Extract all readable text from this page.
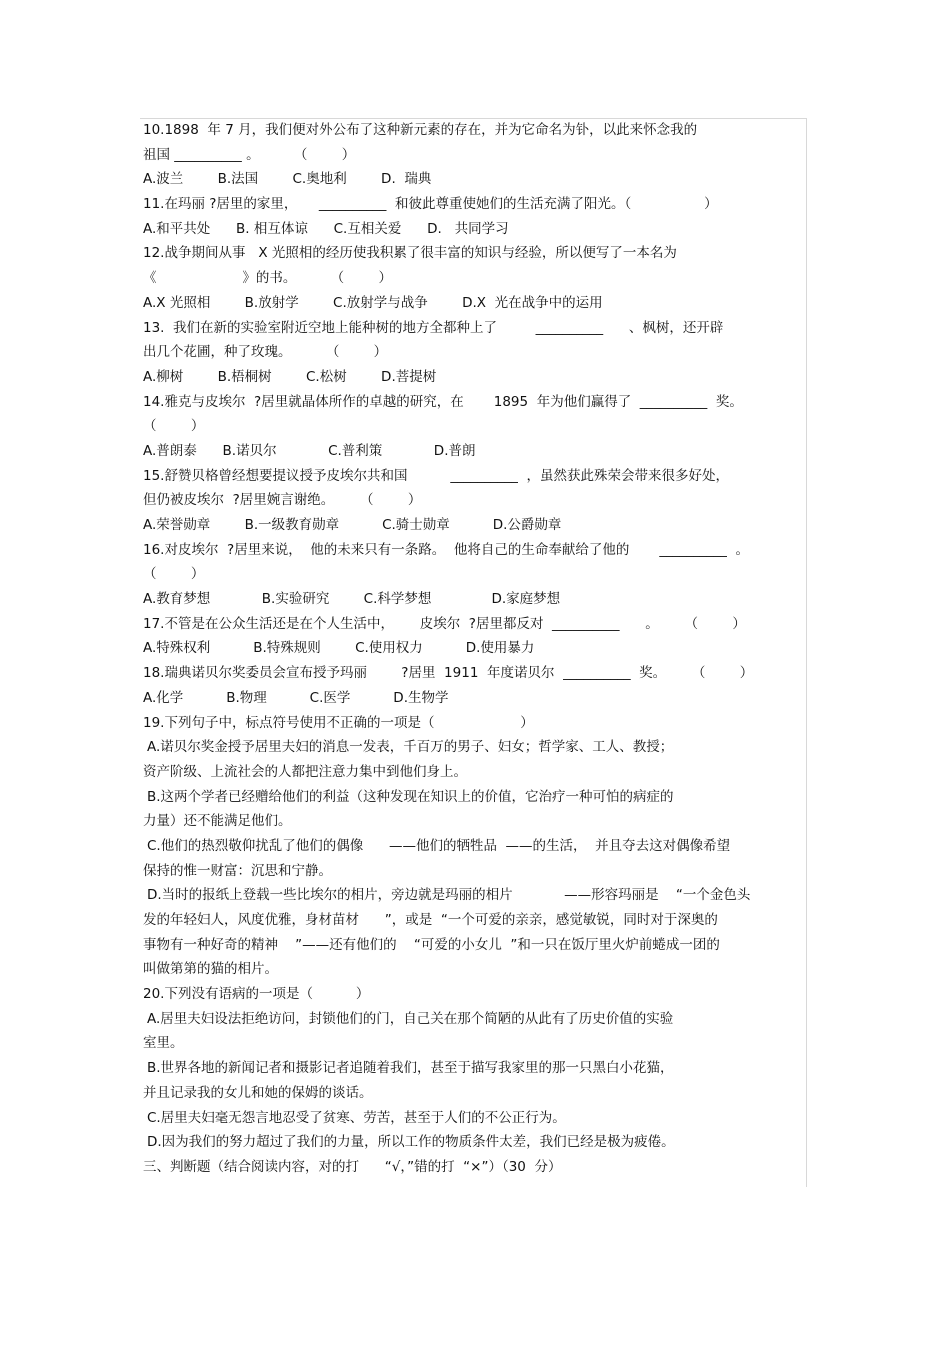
10.1898  年 7 月，我们便对外公布了这种新元素的存在，并为它命名为钋，以此来怀念我的
祖国 __________ 。        （        ）
A.波兰        B.法国        C.奥地利        D.  瑞典
11.在玛丽 ?居里的家里，     __________  和彼此尊重使她们的生活充满了阳光。（                 ）
A.和平共处      B. 相互体谅      C.互相关爱      D.   共同学习
12.战争期间从事   X 光照相的经历使我积累了很丰富的知识与经验，所以便写了一本名为
《                    》的书。        （        ）
A.X 光照相        B.放射学        C.放射学与战争        D.X  光在战争中的运用
13.  我们在新的实验室附近空地上能种树的地方全都种上了         __________      、枫树，还开辟
出几个花圃，种了玫瑰。        （        ）
A.柳树        B.梧桐树        C.松树        D.菩提树
14.雅克与皮埃尔  ?居里就晶体所作的卓越的研究，在       1895  年为他们赢得了  __________  奖。
（        ）
A.普朗泰      B.诺贝尔            C.普利策            D.普朗
15.舒赞贝格曾经想要提议授予皮埃尔共和国          __________  ，虽然获此殊荣会带来很多好处，
但仍被皮埃尔  ?居里婉言谢绝。      （        ）
A.荣誉勋章        B.一级教育勋章          C.骑士勋章          D.公爵勋章
16.对皮埃尔  ?居里来说，  他的未来只有一条路。  他将自己的生命奉献给了他的       __________  。
（        ）
A.教育梦想            B.实验研究        C.科学梦想              D.家庭梦想
17.不管是在公众生活还是在个人生活中，      皮埃尔  ?居里都反对  __________      。      （        ）
A.特殊权利          B.特殊规则        C.使用权力          D.使用暴力
18.瑞典诺贝尔奖委员会宣布授予玛丽        ?居里  1911  年度诺贝尔  __________  奖。      （        ）
A.化学          B.物理          C.医学          D.生物学
19.下列句子中，标点符号使用不正确的一项是（                    ）
A.诺贝尔奖金授予居里夫妇的消息一发表，千百万的男子、妇女；哲学家、工人、教授；
资产阶级、上流社会的人都把注意力集中到他们身上。
B.这两个学者已经赠给他们的利益（这种发现在知识上的价值，它治疗一种可怕的病症的
力量）还不能满足他们。
C.他们的热烈敬仰扰乱了他们的偶像      ——他们的牺牲品  ——的生活，  并且夺去这对偶像希望
保持的惟一财富：沉思和宁静。
D.当时的报纸上登载一些比埃尔的相片，旁边就是玛丽的相片            ——形容玛丽是    “一个金色头
发的年轻妇人，风度优雅，身材苗材      ”，或是  “一个可爱的亲亲，感觉敏锐，同时对于深奥的
事物有一种好奇的精神    ”——还有他们的    “可爱的小女儿  ”和一只在饭厅里火炉前蜷成一团的
叫做第第的猫的相片。
20.下列没有语病的一项是（          ）
A.居里夫妇设法拒绝访问，封锁他们的门，自己关在那个简陋的从此有了历史价值的实验
室里。
B.世界各地的新闻记者和摄影记者追随着我们，甚至于描写我家里的那一只黑白小花猫，
并且记录我的女儿和她的保姆的谈话。
C.居里夫妇毫无怨言地忍受了贫寒、劳苦，甚至于人们的不公正行为。
D.因为我们的努力超过了我们的力量，所以工作的物质条件太差，我们已经是极为疲倦。
三、判断题（结合阅读内容，对的打      “√，”错的打  “×”）（30  分）
